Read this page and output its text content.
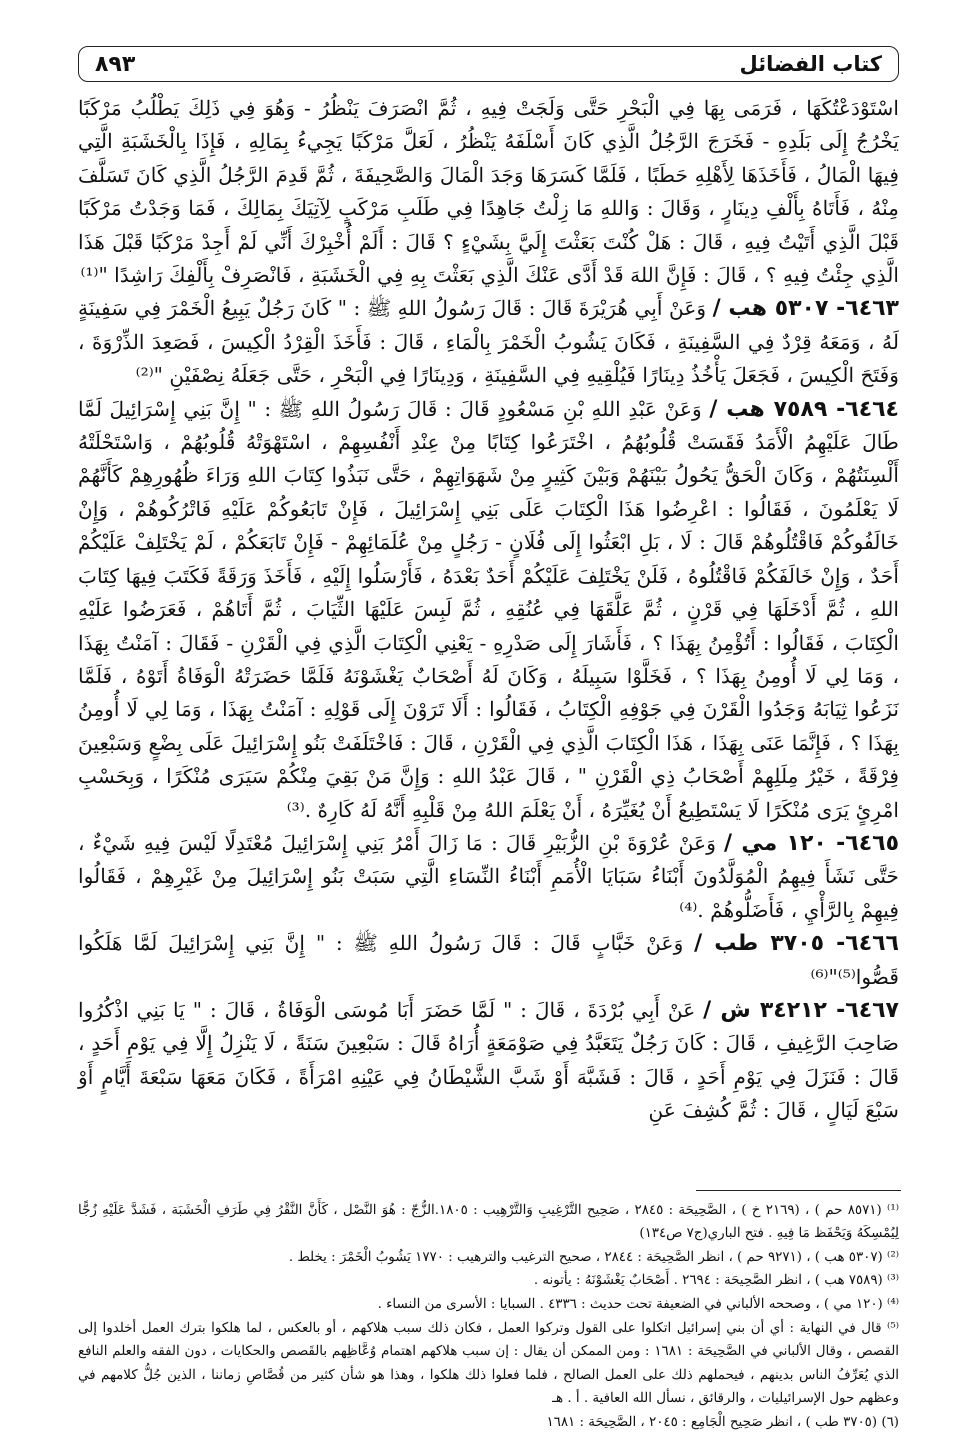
كتاب الفضائل
٨٩٣

اسْتَوْدَعْتُكَهَا ، فَرَمَى بِهَا فِي الْبَحْرِ حَتَّى وَلَجَتْ فِيهِ ، ثُمَّ انْصَرَفَ يَنْظُرُ - وَهُوَ فِي ذَلِكَ يَطْلُبُ مَرْكَبًا يَخْرُجُ إِلَى بَلَدِهِ - فَخَرَجَ الرَّجُلُ الَّذِي كَانَ أَسْلَفَهُ يَنْظُرُ ، لَعَلَّ مَرْكَبًا يَجِيءُ بِمَالِهِ ، فَإِذَا بِالْخَشَبَةِ الَّتِي فِيهَا الْمَالُ ، فَأَخَذَهَا لِأَهْلِهِ حَطَبًا ، فَلَمَّا كَسَرَهَا وَجَدَ الْمَالَ وَالصَّحِيفَةَ ، ثُمَّ قَدِمَ الرَّجُلُ الَّذِي كَانَ تَسَلَّفَ مِنْهُ ، فَأَتَاهُ بِأَلْفِ دِينَارٍ ، وَقَالَ : وَاللهِ مَا زِلْتُ جَاهِدًا فِي طَلَبِ مَرْكَبٍ لِآتِيَكَ بِمَالِكَ ، فَمَا وَجَدْتُ مَرْكَبًا قَبْلَ الَّذِي أَتَيْتُ فِيهِ ، قَالَ : هَلْ كُنْتَ بَعَثْتَ إِلَيَّ بِشَيْءٍ ؟ قَالَ : أَلَمْ أُخْبِرْكَ أَنِّي لَمْ أَجِدْ مَرْكَبًا قَبْلَ هَذَا الَّذِي جِئْتُ فِيهِ ؟ ، قَالَ : فَإِنَّ اللهَ قَدْ أَدَّى عَنْكَ الَّذِي بَعَثْتَ بِهِ فِي الْخَشَبَةِ ، فَانْصَرِفْ بِأَلْفِكَ رَاشِدًا "⁽¹⁾

٦٤٦٣- ٥٣٠٧ هب / وَعَنْ أَبِي هُرَيْرَةَ قَالَ : قَالَ رَسُولُ اللهِ ﷺ : " كَانَ رَجُلٌ يَبِيعُ الْخَمْرَ فِي سَفِينَةٍ لَهُ ، وَمَعَهُ قِرْدٌ فِي السَّفِينَةِ ، فَكَانَ يَشُوبُ الْخَمْرَ بِالْمَاءِ ، قَالَ : فَأَخَذَ الْقِرْدُ الْكِيسَ ، فَصَعِدَ الذِّرْوَةَ ، وَفَتَحَ الْكِيسَ ، فَجَعَلَ يَأْخُذُ دِينَارًا فَيُلْقِيهِ فِي السَّفِينَةِ ، وَدِينَارًا فِي الْبَحْرِ ، حَتَّى جَعَلَهُ نِصْفَيْنِ "⁽²⁾

٦٤٦٤- ٧٥٨٩ هب / وَعَنْ عَبْدِ اللهِ بْنِ مَسْعُودٍ قَالَ : قَالَ رَسُولُ اللهِ ﷺ : " إِنَّ بَنِي إِسْرَائِيلَ لَمَّا طَالَ عَلَيْهِمُ الْأَمَدُ فَقَسَتْ قُلُوبُهُمُ ، اخْتَرَعُوا كِتَابًا مِنْ عِنْدِ أَنْفُسِهِمْ ، اسْتَهْوَتْهُ قُلُوبُهُمْ ، وَاسْتَحْلَتْهُ أَلْسِنَتُهُمْ ، وَكَانَ الْحَقُّ يَحُولُ بَيْنَهُمْ وَبَيْنَ كَثِيرٍ مِنْ شَهَوَاتِهِمْ ، حَتَّى نَبَذُوا كِتَابَ اللهِ وَرَاءَ ظُهُورِهِمْ كَأَنَّهُمْ لَا يَعْلَمُونَ ، فَقَالُوا : اعْرِضُوا هَذَا الْكِتَابَ عَلَى بَنِي إِسْرَائِيلَ ، فَإِنْ تَابَعُوكُمْ عَلَيْهِ فَاتْرُكُوهُمْ ، وَإِنْ خَالَفُوكُمْ فَاقْتُلُوهُمْ قَالَ : لَا ، بَلِ ابْعَثُوا إِلَى فُلَانٍ - رَجُلٍ مِنْ عُلَمَائِهِمْ - فَإِنْ تَابَعَكُمْ ، لَمْ يَخْتَلِفْ عَلَيْكُمْ أَحَدٌ ، وَإِنْ خَالَفَكُمْ فَاقْتُلُوهُ ، فَلَنْ يَخْتَلِفَ عَلَيْكُمْ أَحَدٌ بَعْدَهُ ، فَأَرْسَلُوا إِلَيْهِ ، فَأَخَذَ وَرَقَةً فَكَتَبَ فِيهَا كِتَابَ اللهِ ، ثُمَّ أَدْخَلَهَا فِي قَرْنٍ ، ثُمَّ عَلَّقَهَا فِي عُنُقِهِ ، ثُمَّ لَبِسَ عَلَيْهَا الثِّيَابَ ، ثُمَّ أَتَاهُمْ ، فَعَرَضُوا عَلَيْهِ الْكِتَابَ ، فَقَالُوا : أَتُؤْمِنُ بِهَذَا ؟ ، فَأَشَارَ إِلَى صَدْرِهِ - يَعْنِي الْكِتَابَ الَّذِي فِي الْقَرْنِ - فَقَالَ : آمَنْتُ بِهَذَا ، وَمَا لِي لَا أُومِنُ بِهَذَا ؟ ، فَخَلَّوْا سَبِيلَهُ ، وَكَانَ لَهُ أَصْحَابٌ يَغْشَوْنَهُ فَلَمَّا حَضَرَتْهُ الْوَفَاةُ أَتَوْهُ ، فَلَمَّا نَزَعُوا ثِيَابَهُ وَجَدُوا الْقَرْنَ فِي جَوْفِهِ الْكِتَابُ ، فَقَالُوا : أَلَا تَرَوْنَ إِلَى قَوْلِهِ : آمَنْتُ بِهَذَا ، وَمَا لِي لَا أُومِنُ بِهَذَا ؟ ، فَإِنَّمَا عَنَى بِهَذَا ، هَذَا الْكِتَابَ الَّذِي فِي الْقَرْنِ ، قَالَ : فَاخْتَلَفَتْ بَنُو إِسْرَائِيلَ عَلَى بِضْعٍ وَسَبْعِينَ فِرْقَةً ، خَيْرُ مِلَلِهِمْ أَصْحَابُ ذِي الْقَرْنِ " ، قَالَ عَبْدُ اللهِ : وَإِنَّ مَنْ بَقِيَ مِنْكُمْ سَيَرَى مُنْكَرًا ، وَبِحَسْبِ امْرِئٍ يَرَى مُنْكَرًا لَا يَسْتَطِيعُ أَنْ يُغَيِّرَهُ ، أَنْ يَعْلَمَ اللهُ مِنْ قَلْبِهِ أَنَّهُ لَهُ كَارِهٌ .⁽³⁾

٦٤٦٥- ١٢٠ مي / وَعَنْ عُرْوَةَ بْنِ الزُّبَيْرِ قَالَ : مَا زَالَ أَمْرُ بَنِي إِسْرَائِيلَ مُعْتَدِلًا لَيْسَ فِيهِ شَيْءٌ ، حَتَّى نَشَأَ فِيهِمُ الْمُوَلَّدُونَ أَبْنَاءُ سَبَايَا الْأُمَمِ أَبْنَاءُ النِّسَاءِ الَّتِي سَبَتْ بَنُو إِسْرَائِيلَ مِنْ غَيْرِهِمْ ، فَقَالُوا فِيهِمْ بِالرَّأْيِ ، فَأَضَلُّوهُمْ .⁽⁴⁾

٦٤٦٦- ٣٧٠٥ طب / وَعَنْ خَبَّابٍ قَالَ : قَالَ رَسُولُ اللهِ ﷺ : " إِنَّ بَنِي إِسْرَائِيلَ لَمَّا هَلَكُوا قَصُّوا⁽⁵⁾"⁽⁶⁾

٦٤٦٧- ٣٤٢١٢ ش / عَنْ أَبِي بُرْدَةَ ، قَالَ : " لَمَّا حَضَرَ أَبَا مُوسَى الْوَفَاةُ ، قَالَ : " يَا بَنِي اذْكُرُوا صَاحِبَ الرَّغِيفِ ، قَالَ : كَانَ رَجُلٌ يَتَعَبَّدُ فِي صَوْمَعَةٍ أُرَاهُ قَالَ : سَبْعِينَ سَنَةً ، لَا يَنْزِلُ إِلَّا فِي يَوْمِ أَحَدٍ ، قَالَ : فَنَزَلَ فِي يَوْمِ أَحَدٍ ، قَالَ : فَشَبَّهَ أَوْ شَبَّ الشَّيْطَانُ فِي عَيْنِهِ امْرَأَةً ، فَكَانَ مَعَهَا سَبْعَةَ أَيَّامٍ أَوْ سَبْعَ لَيَالٍ ، قَالَ : ثُمَّ كُشِفَ عَنِ

⁽¹⁾ (٨٥٧١ حم ) ، (٢١٦٩ خ ) ، الصَّحِيحَة : ٢٨٤٥ ، صَحِيح التَّرْغِيبِ وَالتَّرْهِيب : ١٨٠٥.الزُّجّ : هُوَ النَّصْل ، كَأَنَّ النَّقْرُ فِي طَرَفِ الْخَشَبَة ، فَشَدَّ عَلَيْهِ زُجًّا لِيُمْسِكَهُ وَيَحْفَظ مَا فِيهِ . فتح الباري(ج٧ ص١٣٤)

⁽²⁾ (٥٣٠٧ هب ) ، (٩٢٧١ حم ) ، انظر الصَّحِيحَة : ٢٨٤٤ ، صحيح الترغيب والترهيب : ١٧٧٠ يَشُوبُ الْخَمْرَ : يخلط .

⁽³⁾ (٧٥٨٩ هب ) ، انظر الصَّحِيحَة : ٢٦٩٤ . أَصْحَابٌ يَغْشَوْنَهُ : يأتونه .

⁽⁴⁾ (١٢٠ مي ) ، وصححه الألباني في الضعيفة تحت حديث : ٤٣٣٦ . السبايا : الأسرى من النساء .

⁽⁵⁾ قال في النهاية : أي أن بني إسرائيل اتكلوا على القول وتركوا العمل ، فكان ذلك سبب هلاكهم ، أو بالعكس ، لما هلكوا بترك العمل أخلدوا إلى القصص ، وقال الألباني في الصَّحِيحَة : ١٦٨١ : ومن الممكن أن يقال : إن سبب هلاكهم اهتمام وُعَّاظِهم بالقَصص والحكايات ، دون الفقه والعلم النافع الذي يُعَرِّفُ الناس بدينهم ، فيحملهم ذلك على العمل الصالح ، فلما فعلوا ذلك هلكوا ، وهذا هو شأن كثير من قُصَّاصِ زماننا ، الذين جُلُّ كلامهم في وعظهم حول الإسرائيليات ، والرقائق ، نسأل الله العافية . أ . هـ

(٦) (٣٧٠٥ طب ) ، انظر صَحِيح الْجَامِع : ٢٠٤٥ ، الصَّحِيحَة : ١٦٨١
